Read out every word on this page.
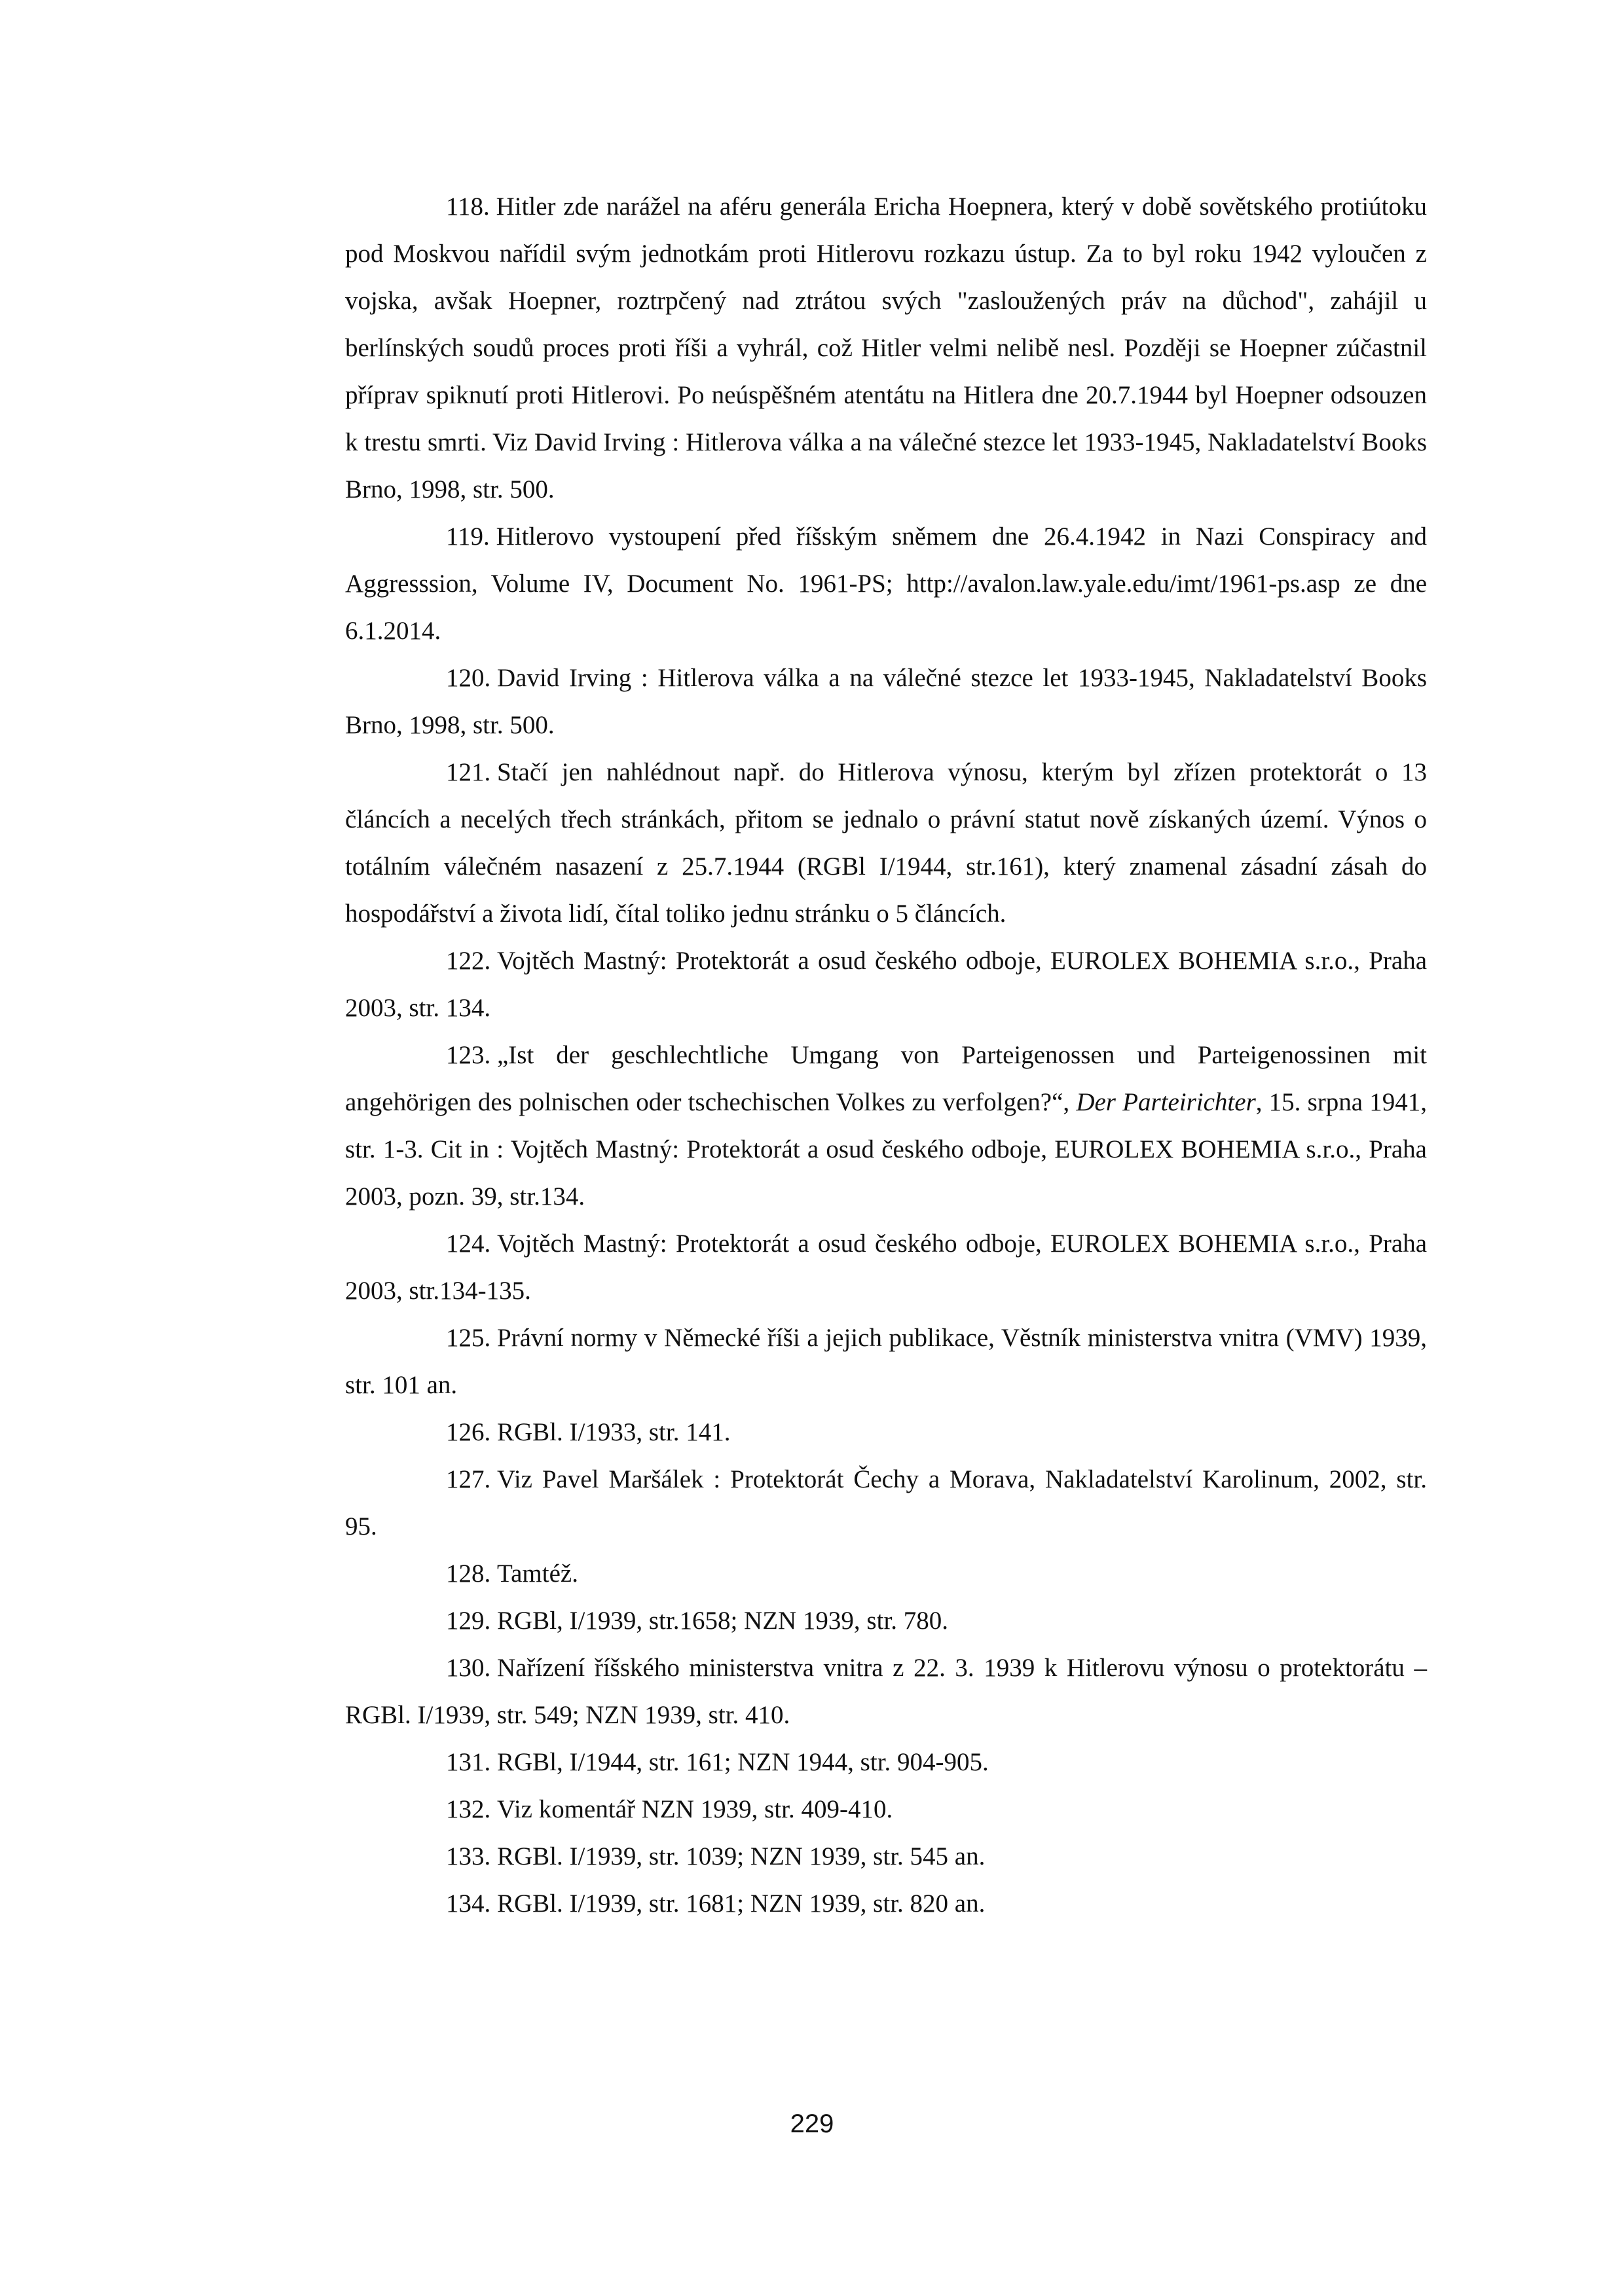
118. Hitler zde narážel na aféru generála Ericha Hoepnera, který v době sovětského protiútoku pod Moskvou nařídil svým jednotkám proti Hitlerovu rozkazu ústup. Za to byl roku 1942 vyloučen z vojska, avšak Hoepner, roztrpčený nad ztrátou svých "zasloužených práv na důchod", zahájil u berlínských soudů proces proti říši a vyhrál, což Hitler velmi nelibě nesl. Později se Hoepner zúčastnil příprav spiknutí proti Hitlerovi. Po neúspěšném atentátu na Hitlera dne 20.7.1944 byl Hoepner odsouzen k trestu smrti. Viz David Irving : Hitlerova válka a na válečné stezce let 1933-1945, Nakladatelství Books Brno, 1998, str. 500.

119. Hitlerovo vystoupení před říšským sněmem dne 26.4.1942 in Nazi Conspiracy and Aggresssion, Volume IV, Document No. 1961-PS; http://avalon.law.yale.edu/imt/1961-ps.asp ze dne 6.1.2014.

120. David Irving : Hitlerova válka a na válečné stezce let 1933-1945, Nakladatelství Books Brno, 1998, str. 500.

121. Stačí jen nahlédnout např. do Hitlerova výnosu, kterým byl zřízen protektorát o 13 článcích a necelých třech stránkách, přitom se jednalo o právní statut nově získaných území. Výnos o totálním válečném nasazení z 25.7.1944 (RGBl I/1944, str.161), který znamenal zásadní zásah do hospodářství a života lidí, čítal toliko jednu stránku o 5 článcích.

122. Vojtěch Mastný: Protektorát a osud českého odboje, EUROLEX BOHEMIA s.r.o., Praha 2003, str. 134.

123. „Ist der geschlechtliche Umgang von Parteigenossen und Parteigenossinen mit angehörigen des polnischen oder tschechischen Volkes zu verfolgen?“, Der Parteirichter, 15. srpna 1941, str. 1-3. Cit in : Vojtěch Mastný: Protektorát a osud českého odboje, EUROLEX BOHEMIA s.r.o., Praha 2003, pozn. 39, str.134.

124. Vojtěch Mastný: Protektorát a osud českého odboje, EUROLEX BOHEMIA s.r.o., Praha 2003, str.134-135.

125. Právní normy v Německé říši a jejich publikace, Věstník ministerstva vnitra (VMV) 1939, str. 101 an.

126. RGBl. I/1933, str. 141.

127. Viz Pavel Maršálek : Protektorát Čechy a Morava, Nakladatelství Karolinum, 2002, str. 95.

128. Tamtéž.

129. RGBl, I/1939, str.1658; NZN 1939, str. 780.

130. Nařízení říšského ministerstva vnitra z 22. 3. 1939 k Hitlerovu výnosu o protektorátu – RGBl. I/1939, str. 549; NZN 1939, str. 410.

131. RGBl, I/1944, str. 161; NZN 1944, str. 904-905.

132. Viz komentář NZN 1939, str. 409-410.

133. RGBl. I/1939, str. 1039; NZN 1939, str. 545 an.

134. RGBl. I/1939, str. 1681; NZN 1939, str. 820 an.

229
